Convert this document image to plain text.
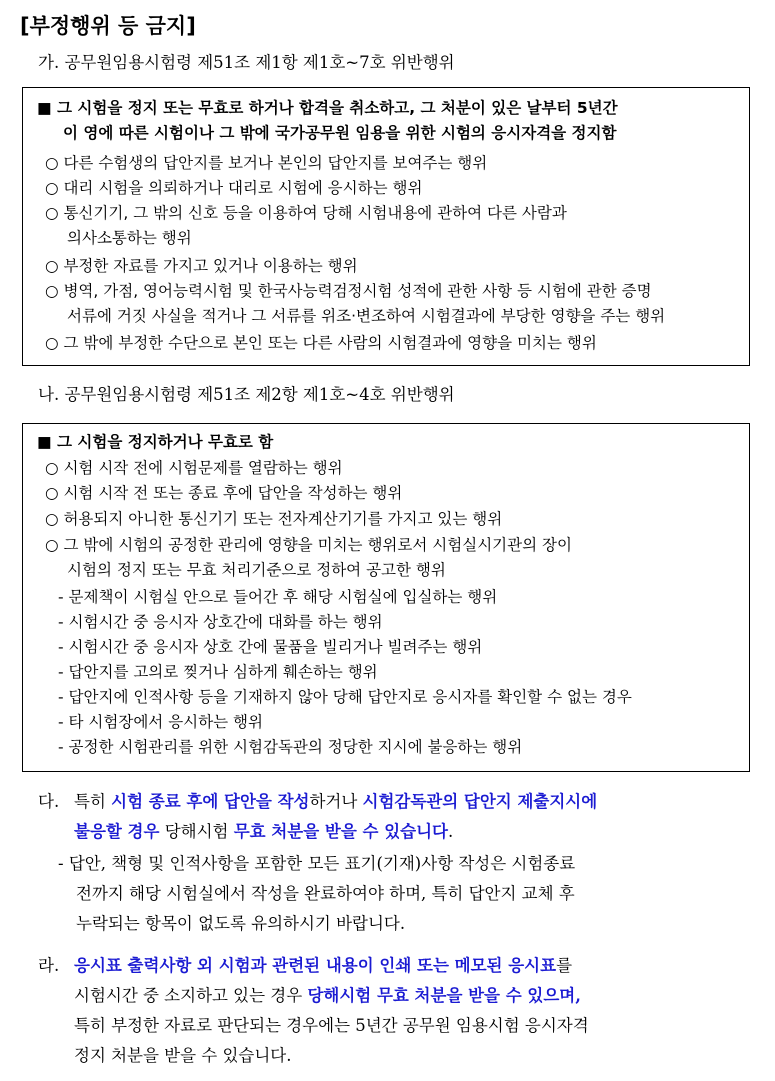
[부정행위 등 금지]
가. 공무원임용시험령 제51조 제1항 제1호~7호 위반행위
■ 그 시험을 정지 또는 무효로 하거나 합격을 취소하고, 그 처분이 있은 날부터 5년간
이 영에 따른 시험이나 그 밖에 국가공무원 임용을 위한 시험의 응시자격을 정지함
○ 다른 수험생의 답안지를 보거나 본인의 답안지를 보여주는 행위
○ 대리 시험을 의뢰하거나 대리로 시험에 응시하는 행위
○ 통신기기, 그 밖의 신호 등을 이용하여 당해 시험내용에 관하여 다른 사람과
의사소통하는 행위
○ 부정한 자료를 가지고 있거나 이용하는 행위
○ 병역, 가점, 영어능력시험 및 한국사능력검정시험 성적에 관한 사항 등 시험에 관한 증명
서류에 거짓 사실을 적거나 그 서류를 위조·변조하여 시험결과에 부당한 영향을 주는 행위
○ 그 밖에 부정한 수단으로 본인 또는 다른 사람의 시험결과에 영향을 미치는 행위
나. 공무원임용시험령 제51조 제2항 제1호~4호 위반행위
■ 그 시험을 정지하거나 무효로 함
○ 시험 시작 전에 시험문제를 열람하는 행위
○ 시험 시작 전 또는 종료 후에 답안을 작성하는 행위
○ 허용되지 아니한 통신기기 또는 전자계산기기를 가지고 있는 행위
○ 그 밖에 시험의 공정한 관리에 영향을 미치는 행위로서 시험실시기관의 장이
시험의 정지 또는 무효 처리기준으로 정하여 공고한 행위
- 문제책이 시험실 안으로 들어간 후 해당 시험실에 입실하는 행위
- 시험시간 중 응시자 상호간에 대화를 하는 행위
- 시험시간 중 응시자 상호 간에 물품을 빌리거나 빌려주는 행위
- 답안지를 고의로 찢거나 심하게 훼손하는 행위
- 답안지에 인적사항 등을 기재하지 않아 당해 답안지로 응시자를 확인할 수 없는 경우
- 타 시험장에서 응시하는 행위
- 공정한 시험관리를 위한 시험감독관의 정당한 지시에 불응하는 행위
다. 특히 시험 종료 후에 답안을 작성하거나 시험감독관의 답안지 제출지시에
불응할 경우 당해시험 무효 처분을 받을 수 있습니다.
- 답안, 책형 및 인적사항을 포함한 모든 표기(기재)사항 작성은 시험종료
전까지 해당 시험실에서 작성을 완료하여야 하며, 특히 답안지 교체 후
누락되는 항목이 없도록 유의하시기 바랍니다.
라. 응시표 출력사항 외 시험과 관련된 내용이 인쇄 또는 메모된 응시표를
시험시간 중 소지하고 있는 경우 당해시험 무효 처분을 받을 수 있으며,
특히 부정한 자료로 판단되는 경우에는 5년간 공무원 임용시험 응시자격
정지 처분을 받을 수 있습니다.
